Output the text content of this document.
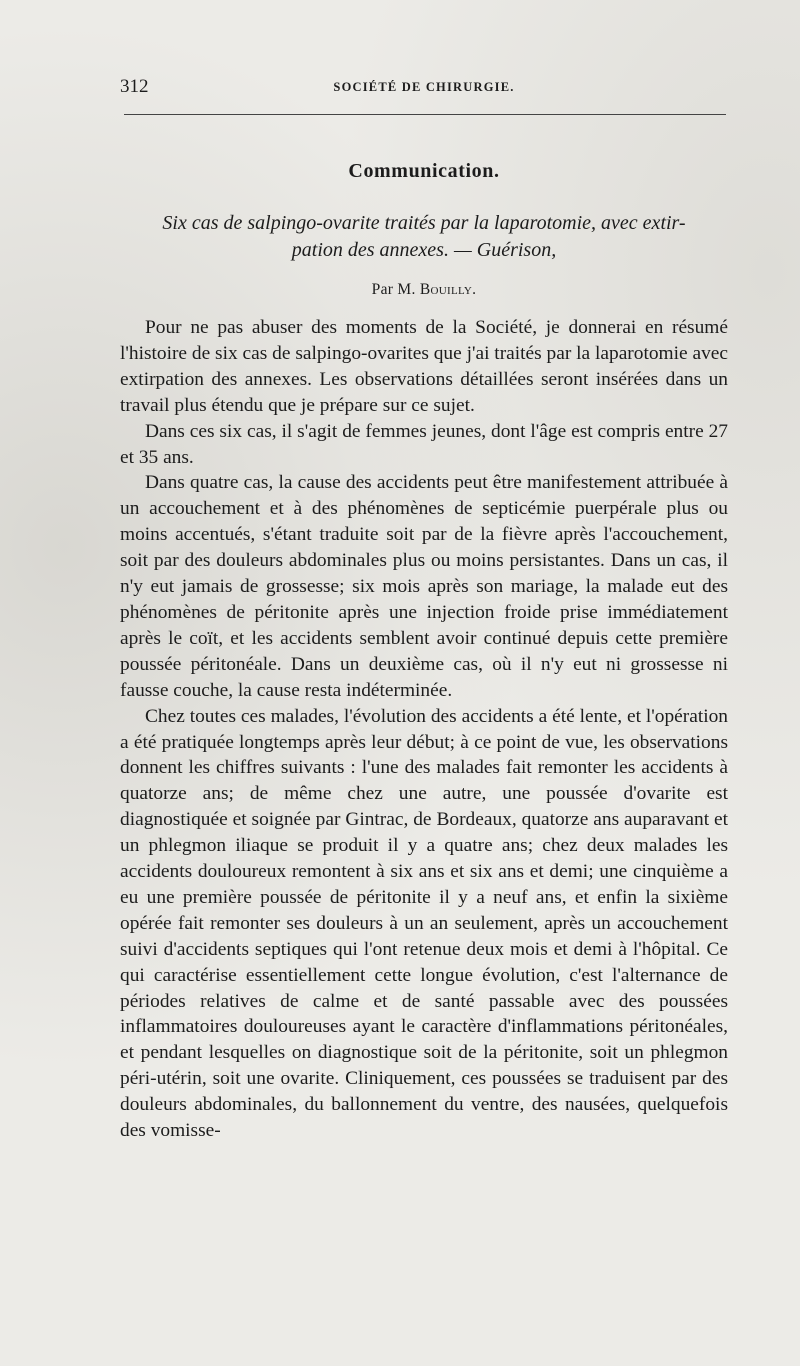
312	SOCIÉTÉ DE CHIRURGIE.
Communication.
Six cas de salpingo-ovarite traités par la laparotomie, avec extir-
pation des annexes. — Guérison,
Par M. Bouilly.

Pour ne pas abuser des moments de la Société, je donnerai en résumé l'histoire de six cas de salpingo-ovarites que j'ai traités par la laparotomie avec extirpation des annexes. Les observations détaillées seront insérées dans un travail plus étendu que je prépare sur ce sujet.

Dans ces six cas, il s'agit de femmes jeunes, dont l'âge est compris entre 27 et 35 ans.

Dans quatre cas, la cause des accidents peut être manifestement attribuée à un accouchement et à des phénomènes de septicémie puerpérale plus ou moins accentués, s'étant traduite soit par de la fièvre après l'accouchement, soit par des douleurs abdominales plus ou moins persistantes. Dans un cas, il n'y eut jamais de grossesse; six mois après son mariage, la malade eut des phénomènes de péritonite après une injection froide prise immédiatement après le coït, et les accidents semblent avoir continué depuis cette première poussée péritonéale. Dans un deuxième cas, où il n'y eut ni grossesse ni fausse couche, la cause resta indéterminée.

Chez toutes ces malades, l'évolution des accidents a été lente, et l'opération a été pratiquée longtemps après leur début; à ce point de vue, les observations donnent les chiffres suivants : l'une des malades fait remonter les accidents à quatorze ans; de même chez une autre, une poussée d'ovarite est diagnostiquée et soignée par Gintrac, de Bordeaux, quatorze ans auparavant et un phlegmon iliaque se produit il y a quatre ans; chez deux malades les accidents douloureux remontent à six ans et six ans et demi; une cinquième a eu une première poussée de péritonite il y a neuf ans, et enfin la sixième opérée fait remonter ses douleurs à un an seulement, après un accouchement suivi d'accidents septiques qui l'ont retenue deux mois et demi à l'hôpital. Ce qui caractérise essentiellement cette longue évolution, c'est l'alternance de périodes relatives de calme et de santé passable avec des poussées inflammatoires douloureuses ayant le caractère d'inflammations péritonéales, et pendant lesquelles on diagnostique soit de la péritonite, soit un phlegmon péri-utérin, soit une ovarite. Cliniquement, ces poussées se traduisent par des douleurs abdominales, du ballonnement du ventre, des nausées, quelquefois des vomisse-
